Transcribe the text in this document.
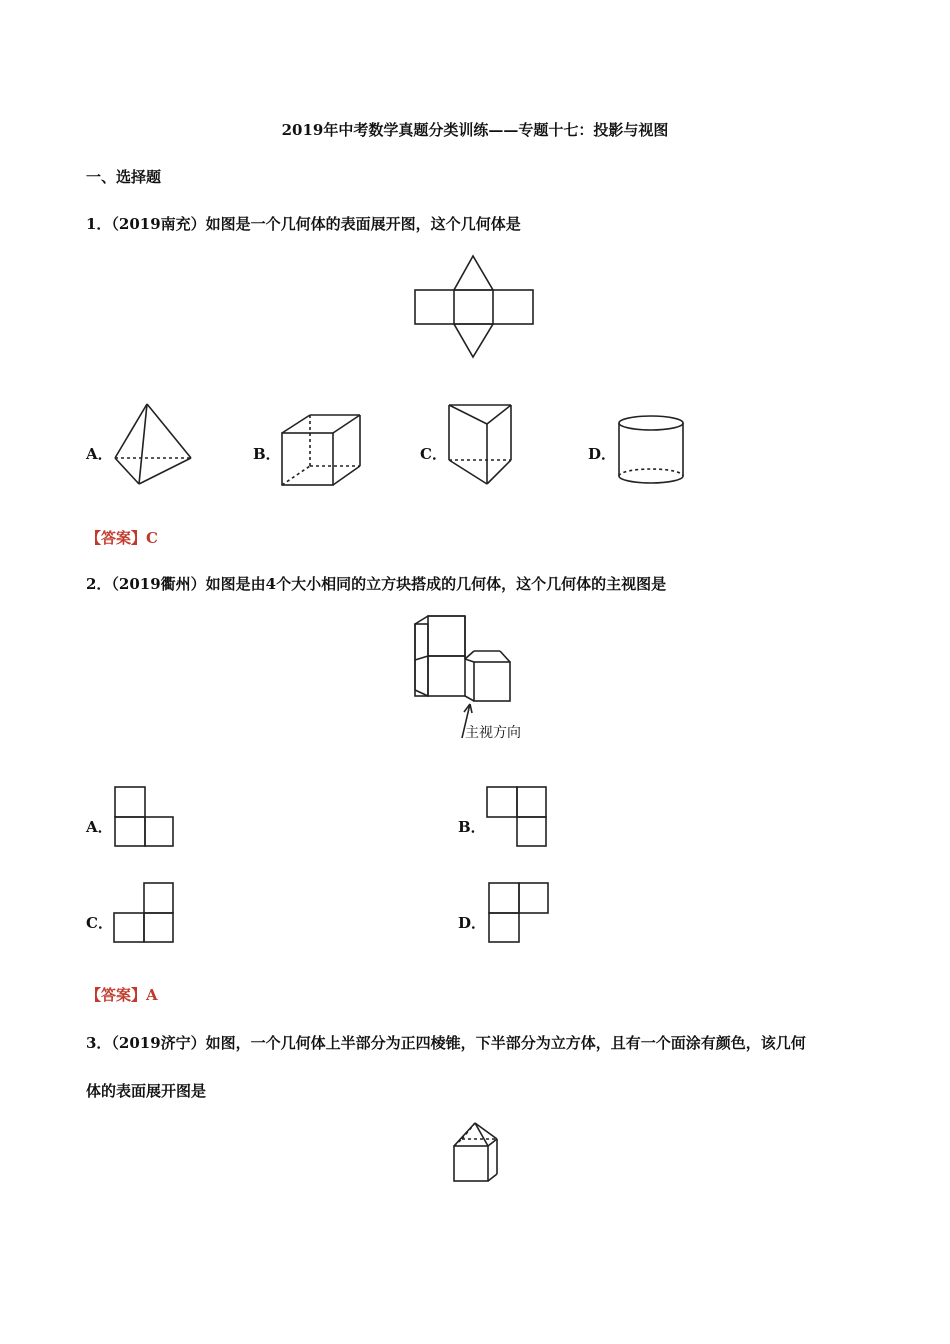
2019年中考数学真题分类训练——专题十七：投影与视图
一、选择题
1．（2019南充）如图是一个几何体的表面展开图，这个几何体是
A．	B．	C．	D．
【答案】C
2．（2019衢州）如图是由4个大小相同的立方块搭成的几何体，这个几何体的主视图是
主视方向
A．	B．
C．	D．
【答案】A
3．（2019济宁）如图，一个几何体上半部分为正四棱锥，下半部分为立方体，且有一个面涂有颜色，该几何
体的表面展开图是
